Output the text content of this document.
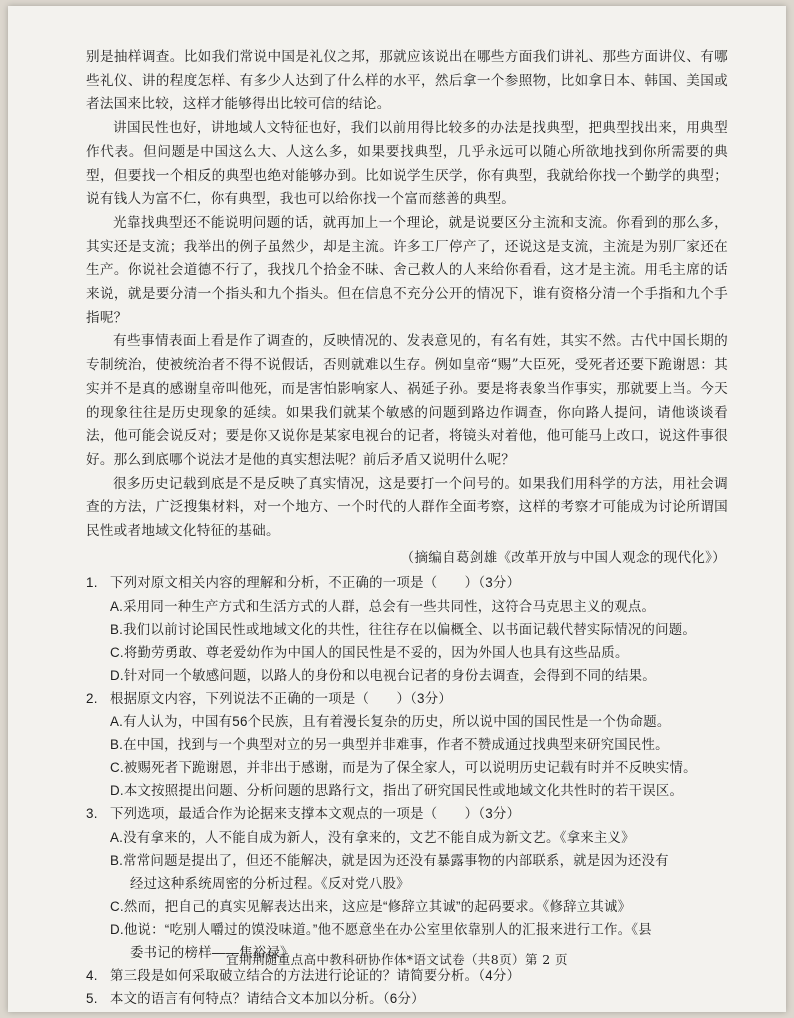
别是抽样调查。比如我们常说中国是礼仪之邦，那就应该说出在哪些方面我们讲礼、那些方面讲仪、有哪些礼仪、讲的程度怎样、有多少人达到了什么样的水平，然后拿一个参照物，比如拿日本、韩国、美国或者法国来比较，这样才能够得出比较可信的结论。

讲国民性也好，讲地域人文特征也好，我们以前用得比较多的办法是找典型，把典型找出来，用典型作代表。但问题是中国这么大、人这么多，如果要找典型，几乎永远可以随心所欲地找到你所需要的典型，但要找一个相反的典型也绝对能够办到。比如说学生厌学，你有典型，我就给你找一个勤学的典型；说有钱人为富不仁，你有典型，我也可以给你找一个富而慈善的典型。

光靠找典型还不能说明问题的话，就再加上一个理论，就是说要区分主流和支流。你看到的那么多，其实还是支流；我举出的例子虽然少，却是主流。许多工厂停产了，还说这是支流，主流是为别厂家还在生产。你说社会道德不行了，我找几个拾金不昧、舍己救人的人来给你看看，这才是主流。用毛主席的话来说，就是要分清一个指头和九个指头。但在信息不充分公开的情况下，谁有资格分清一个手指和九个手指呢？

有些事情表面上看是作了调查的，反映情况的、发表意见的，有名有姓，其实不然。古代中国长期的专制统治，使被统治者不得不说假话，否则就难以生存。例如皇帝“赐”大臣死，受死者还要下跪谢恩：其实并不是真的感谢皇帝叫他死，而是害怕影响家人、祸延子孙。要是将表象当作事实，那就要上当。今天的现象往往是历史现象的延续。如果我们就某个敏感的问题到路边作调查，你向路人提问，请他谈谈看法，他可能会说反对；要是你又说你是某家电视台的记者，将镜头对着他，他可能马上改口，说这件事很好。那么到底哪个说法才是他的真实想法呢？前后矛盾又说明什么呢？

很多历史记载到底是不是反映了真实情况，这是要打一个问号的。如果我们用科学的方法，用社会调查的方法，广泛搜集材料，对一个地方、一个时代的人群作全面考察，这样的考察才可能成为讨论所谓国民性或者地域文化特征的基础。

（摘编自葛剑雄《改革开放与中国人观念的现代化》）

1. 下列对原文相关内容的理解和分析，不正确的一项是（　　）（3分）
A.采用同一种生产方式和生活方式的人群，总会有一些共同性，这符合马克思主义的观点。
B.我们以前讨论国民性或地域文化的共性，往往存在以偏概全、以书面记载代替实际情况的问题。
C.将勤劳勇敢、尊老爱幼作为中国人的国民性是不妥的，因为外国人也具有这些品质。
D.针对同一个敏感问题，以路人的身份和以电视台记者的身份去调查，会得到不同的结果。
2. 根据原文内容，下列说法不正确的一项是（　　）（3分）
A.有人认为，中国有56个民族，且有着漫长复杂的历史，所以说中国的国民性是一个伪命题。
B.在中国，找到与一个典型对立的另一典型并非难事，作者不赞成通过找典型来研究国民性。
C.被赐死者下跪谢恩，并非出于感谢，而是为了保全家人，可以说明历史记载有时并不反映实情。
D.本文按照提出问题、分析问题的思路行文，指出了研究国民性或地域文化共性时的若干误区。
3. 下列选项，最适合作为论据来支撑本文观点的一项是（　　）（3分）
A.没有拿来的，人不能自成为新人，没有拿来的，文艺不能自成为新文艺。《拿来主义》
B.常常问题是提出了，但还不能解决，就是因为还没有暴露事物的内部联系，就是因为还没有
经过这种系统周密的分析过程。《反对党八股》
C.然而，把自己的真实见解表达出来，这应是“修辞立其诚”的起码要求。《修辞立其诚》
D.他说：“吃别人嚼过的馍没味道。”他不愿意坐在办公室里依靠别人的汇报来进行工作。《县
委书记的榜样——焦裕禄》
4. 第三段是如何采取破立结合的方法进行论证的？请简要分析。（4分）
5. 本文的语言有何特点？请结合文本加以分析。（6分）
宜荆荆随重点高中教科研协作体*语文试卷（共8页）第 2 页
